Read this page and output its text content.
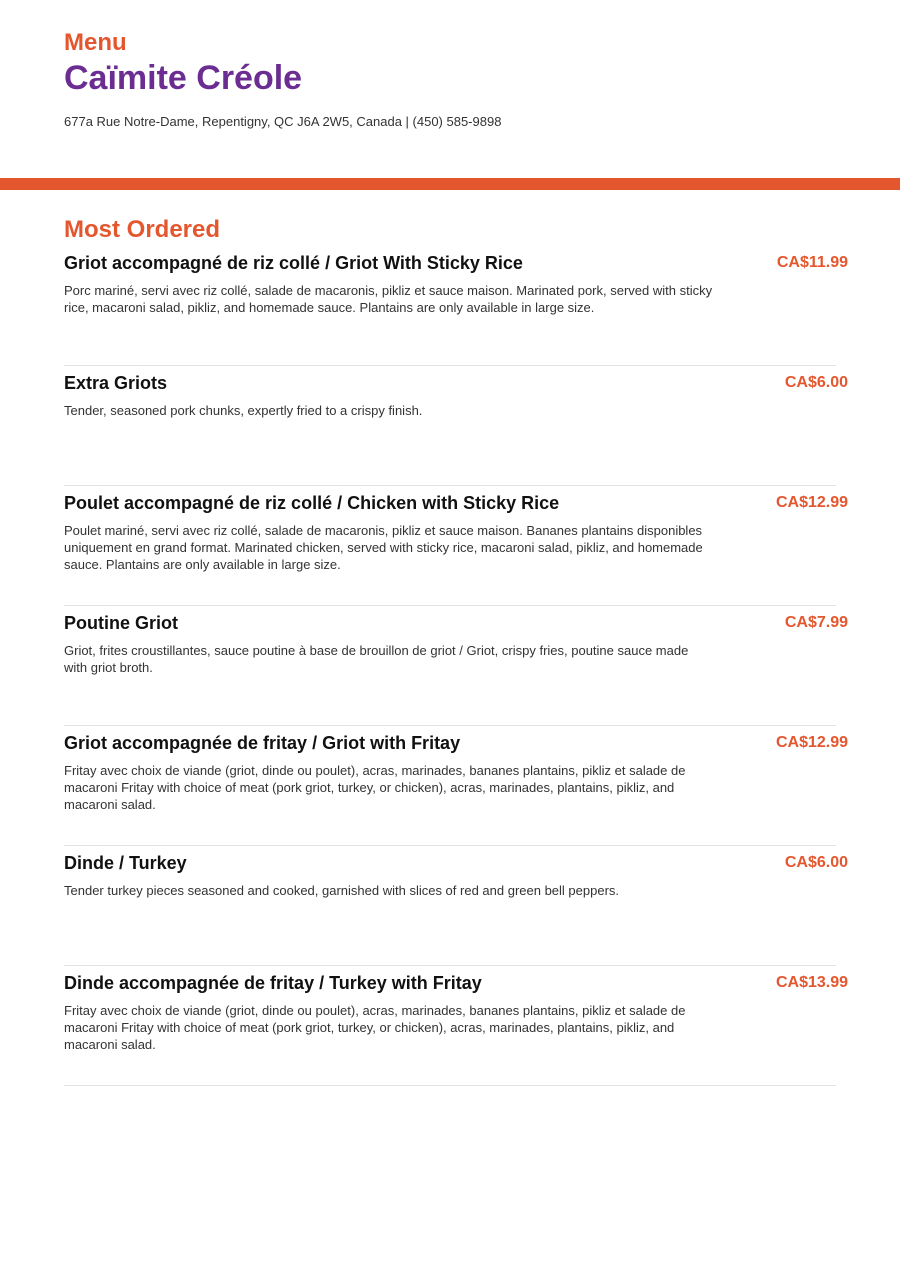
Menu

Caïmite Créole

677a Rue Notre-Dame, Repentigny, QC J6A 2W5, Canada | (450) 585-9898

Most Ordered

Griot accompagné de riz collé / Griot With Sticky Rice	CA$11.99

Porc mariné, servi avec riz collé, salade de macaronis, pikliz et sauce maison. Marinated pork, served with sticky rice, macaroni salad, pikliz, and homemade sauce. Plantains are only available in large size.

Extra Griots	CA$6.00

Tender, seasoned pork chunks, expertly fried to a crispy finish.

Poulet accompagné de riz collé / Chicken with Sticky Rice	CA$12.99

Poulet mariné, servi avec riz collé, salade de macaronis, pikliz et sauce maison. Bananes plantains disponibles uniquement en grand format. Marinated chicken, served with sticky rice, macaroni salad, pikliz, and homemade sauce. Plantains are only available in large size.

Poutine Griot	CA$7.99

Griot, frites croustillantes, sauce poutine à base de brouillon de griot / Griot, crispy fries, poutine sauce made with griot broth.

Griot accompagnée de fritay / Griot with Fritay	CA$12.99

Fritay avec choix de viande (griot, dinde ou poulet), acras, marinades, bananes plantains, pikliz et salade de macaroni Fritay with choice of meat (pork griot, turkey, or chicken), acras, marinades, plantains, pikliz, and macaroni salad.

Dinde / Turkey	CA$6.00

Tender turkey pieces seasoned and cooked, garnished with slices of red and green bell peppers.

Dinde accompagnée de fritay / Turkey with Fritay	CA$13.99

Fritay avec choix de viande (griot, dinde ou poulet), acras, marinades, bananes plantains, pikliz et salade de macaroni Fritay with choice of meat (pork griot, turkey, or chicken), acras, marinades, plantains, pikliz, and macaroni salad.
